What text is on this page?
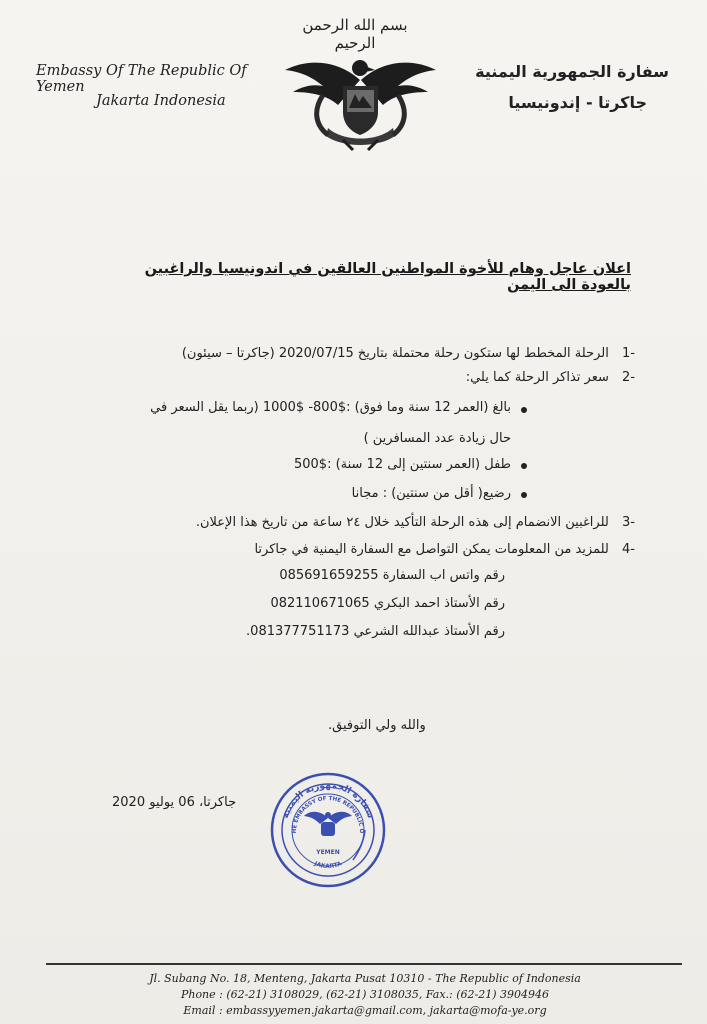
بسم الله الرحمن الرحيم
Embassy Of The Republic Of Yemen
Jakarta Indonesia
سفارة الجمهورية اليمنية
جاكرتا - إندونيسيا
اعلان عاجل وهام للأخوة المواطنين العالقين في اندونيسيا والراغبين بالعودة الى اليمن
-1 الرحلة المخطط لها ستكون رحلة محتملة بتاريخ 2020/07/15 (جاكرتا – سيئون)
-2 سعر تذاكر الرحلة كما يلي:
بالغ (العمر 12 سنة وما فوق) :$800- $1000 (ربما يقل السعر في
حال زيادة عدد المسافرين )
طفل (العمر سنتين إلى 12 سنة) :$500
رضيع( أقل من سنتين) : مجانا
-3 للراغبين الانضمام إلى هذه الرحلة التأكيد خلال ٢٤ ساعة من تاريخ هذا الإعلان.
-4 للمزيد من المعلومات يمكن التواصل مع السفارة اليمنية في جاكرتا
رقم واتس اب السفارة 085691659255
رقم الأستاذ احمد البكري 082110671065
رقم الأستاذ عبدالله الشرعي 081377751173.
والله ولي التوفيق.
جاكرتا، 06 يوليو 2020
سفارة الجمهورية اليمنية
HE EMBASSY OF THE REPUBLIC O
JAKARTA
YEMEN
Jl. Subang No. 18, Menteng, Jakarta Pusat 10310 - The Republic of Indonesia
Phone : (62-21) 3108029, (62-21) 3108035, Fax.: (62-21) 3904946
Email : embassyyemen.jakarta@gmail.com, jakarta@mofa-ye.org
